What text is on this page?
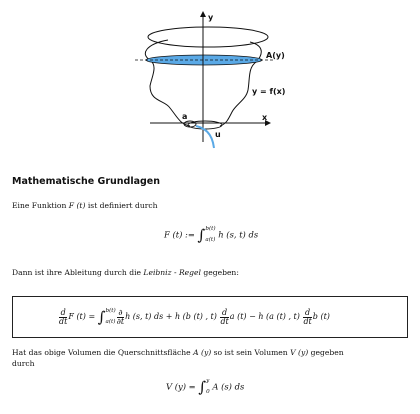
y
x
A(y)
y = f(x)
a
u
Mathematische Grundlagen

Eine Funktion F (t) ist definiert durch

F (t) := ∫ b(t)
a(t)
h (s, t) ds

Dann ist ihre Ableitung durch die Leibniz - Regel gegeben:

$\frac{d}{dt}$ F (t) = ∫ b(t)
$a(t) \frac{\partial}{\partial t}$ h (s, t) ds + h (b (t) , $t) \frac{d}{dt}$ a (t) − h (a (t) , $t) \frac{d}{dt}$ b (t)

Hat das obige Volumen die Querschnittsfläche A (y) so ist sein Volumen V (y) gegeben

durch

V (y) = ∫ y
0
A (s) ds
